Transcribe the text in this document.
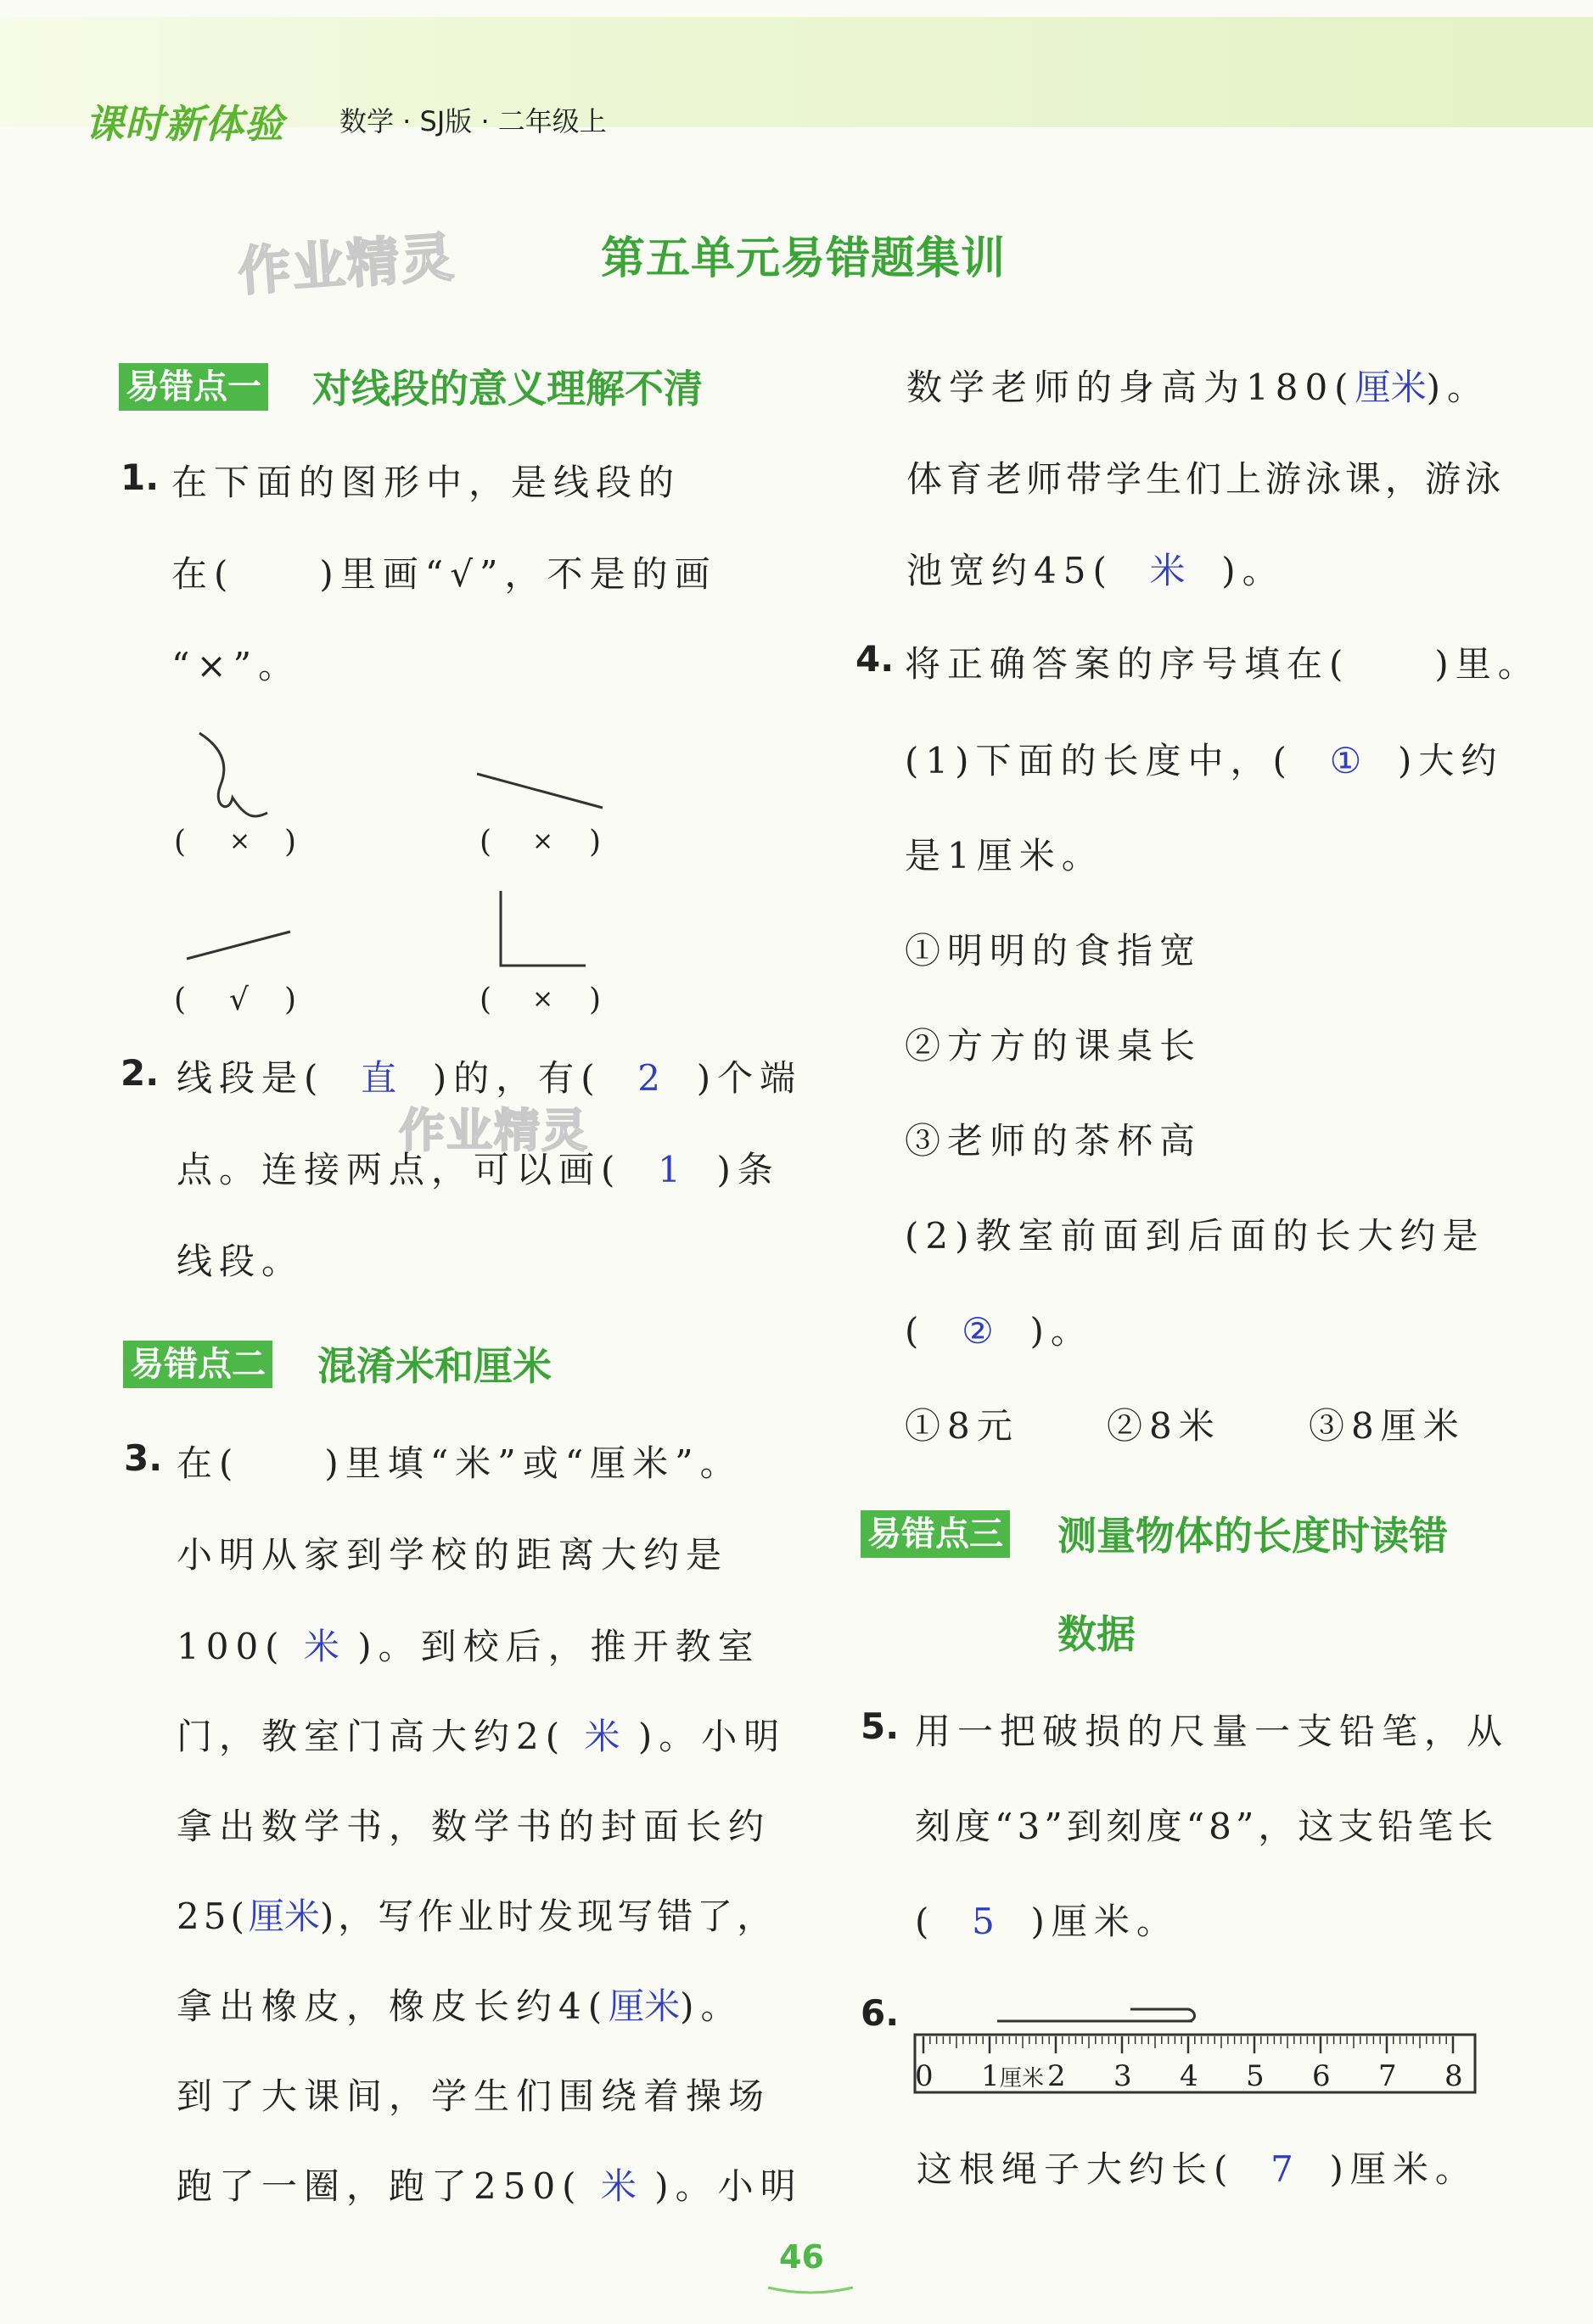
课时新体验 数学 · SJ版 · 二年级上
作业精灵
作业精灵
第五单元易错题集训
易错点一 对线段的意义理解不清
1. 在下面的图形中，是线段的
在(　　)里画“√”，不是的画
“×”。
( × )	( × )
( √ )	( × )
2. 线段是( 直 )的，有( 2 )个端
点。连接两点，可以画( 1 )条
线段。
易错点二 混淆米和厘米
3. 在(　　)里填“米”或“厘米”。
小明从家到学校的距离大约是
100( 米 )。到校后，推开教室
门，教室门高大约2( 米 )。小明
拿出数学书，数学书的封面长约
25(厘米)，写作业时发现写错了，
拿出橡皮，橡皮长约4(厘米)。
到了大课间，学生们围绕着操场
跑了一圈，跑了250( 米 )。小明
数学老师的身高为180(厘米)。
体育老师带学生们上游泳课，游泳
池宽约45( 米 )。
4. 将正确答案的序号填在(　　)里。
(1)下面的长度中，( ① )大约
是1厘米。
①明明的食指宽
②方方的课桌长
③老师的茶杯高
(2)教室前面到后面的长大约是
( ② )。
①8元 ②8米 ③8厘米
易错点三 测量物体的长度时读错
数据
5. 用一把破损的尺量一支铅笔，从
刻度“3”到刻度“8”，这支铅笔长
( 5 )厘米。
6.
0 1 厘米 2 3 4 5 6 7 8
这根绳子大约长( 7 )厘米。
46
